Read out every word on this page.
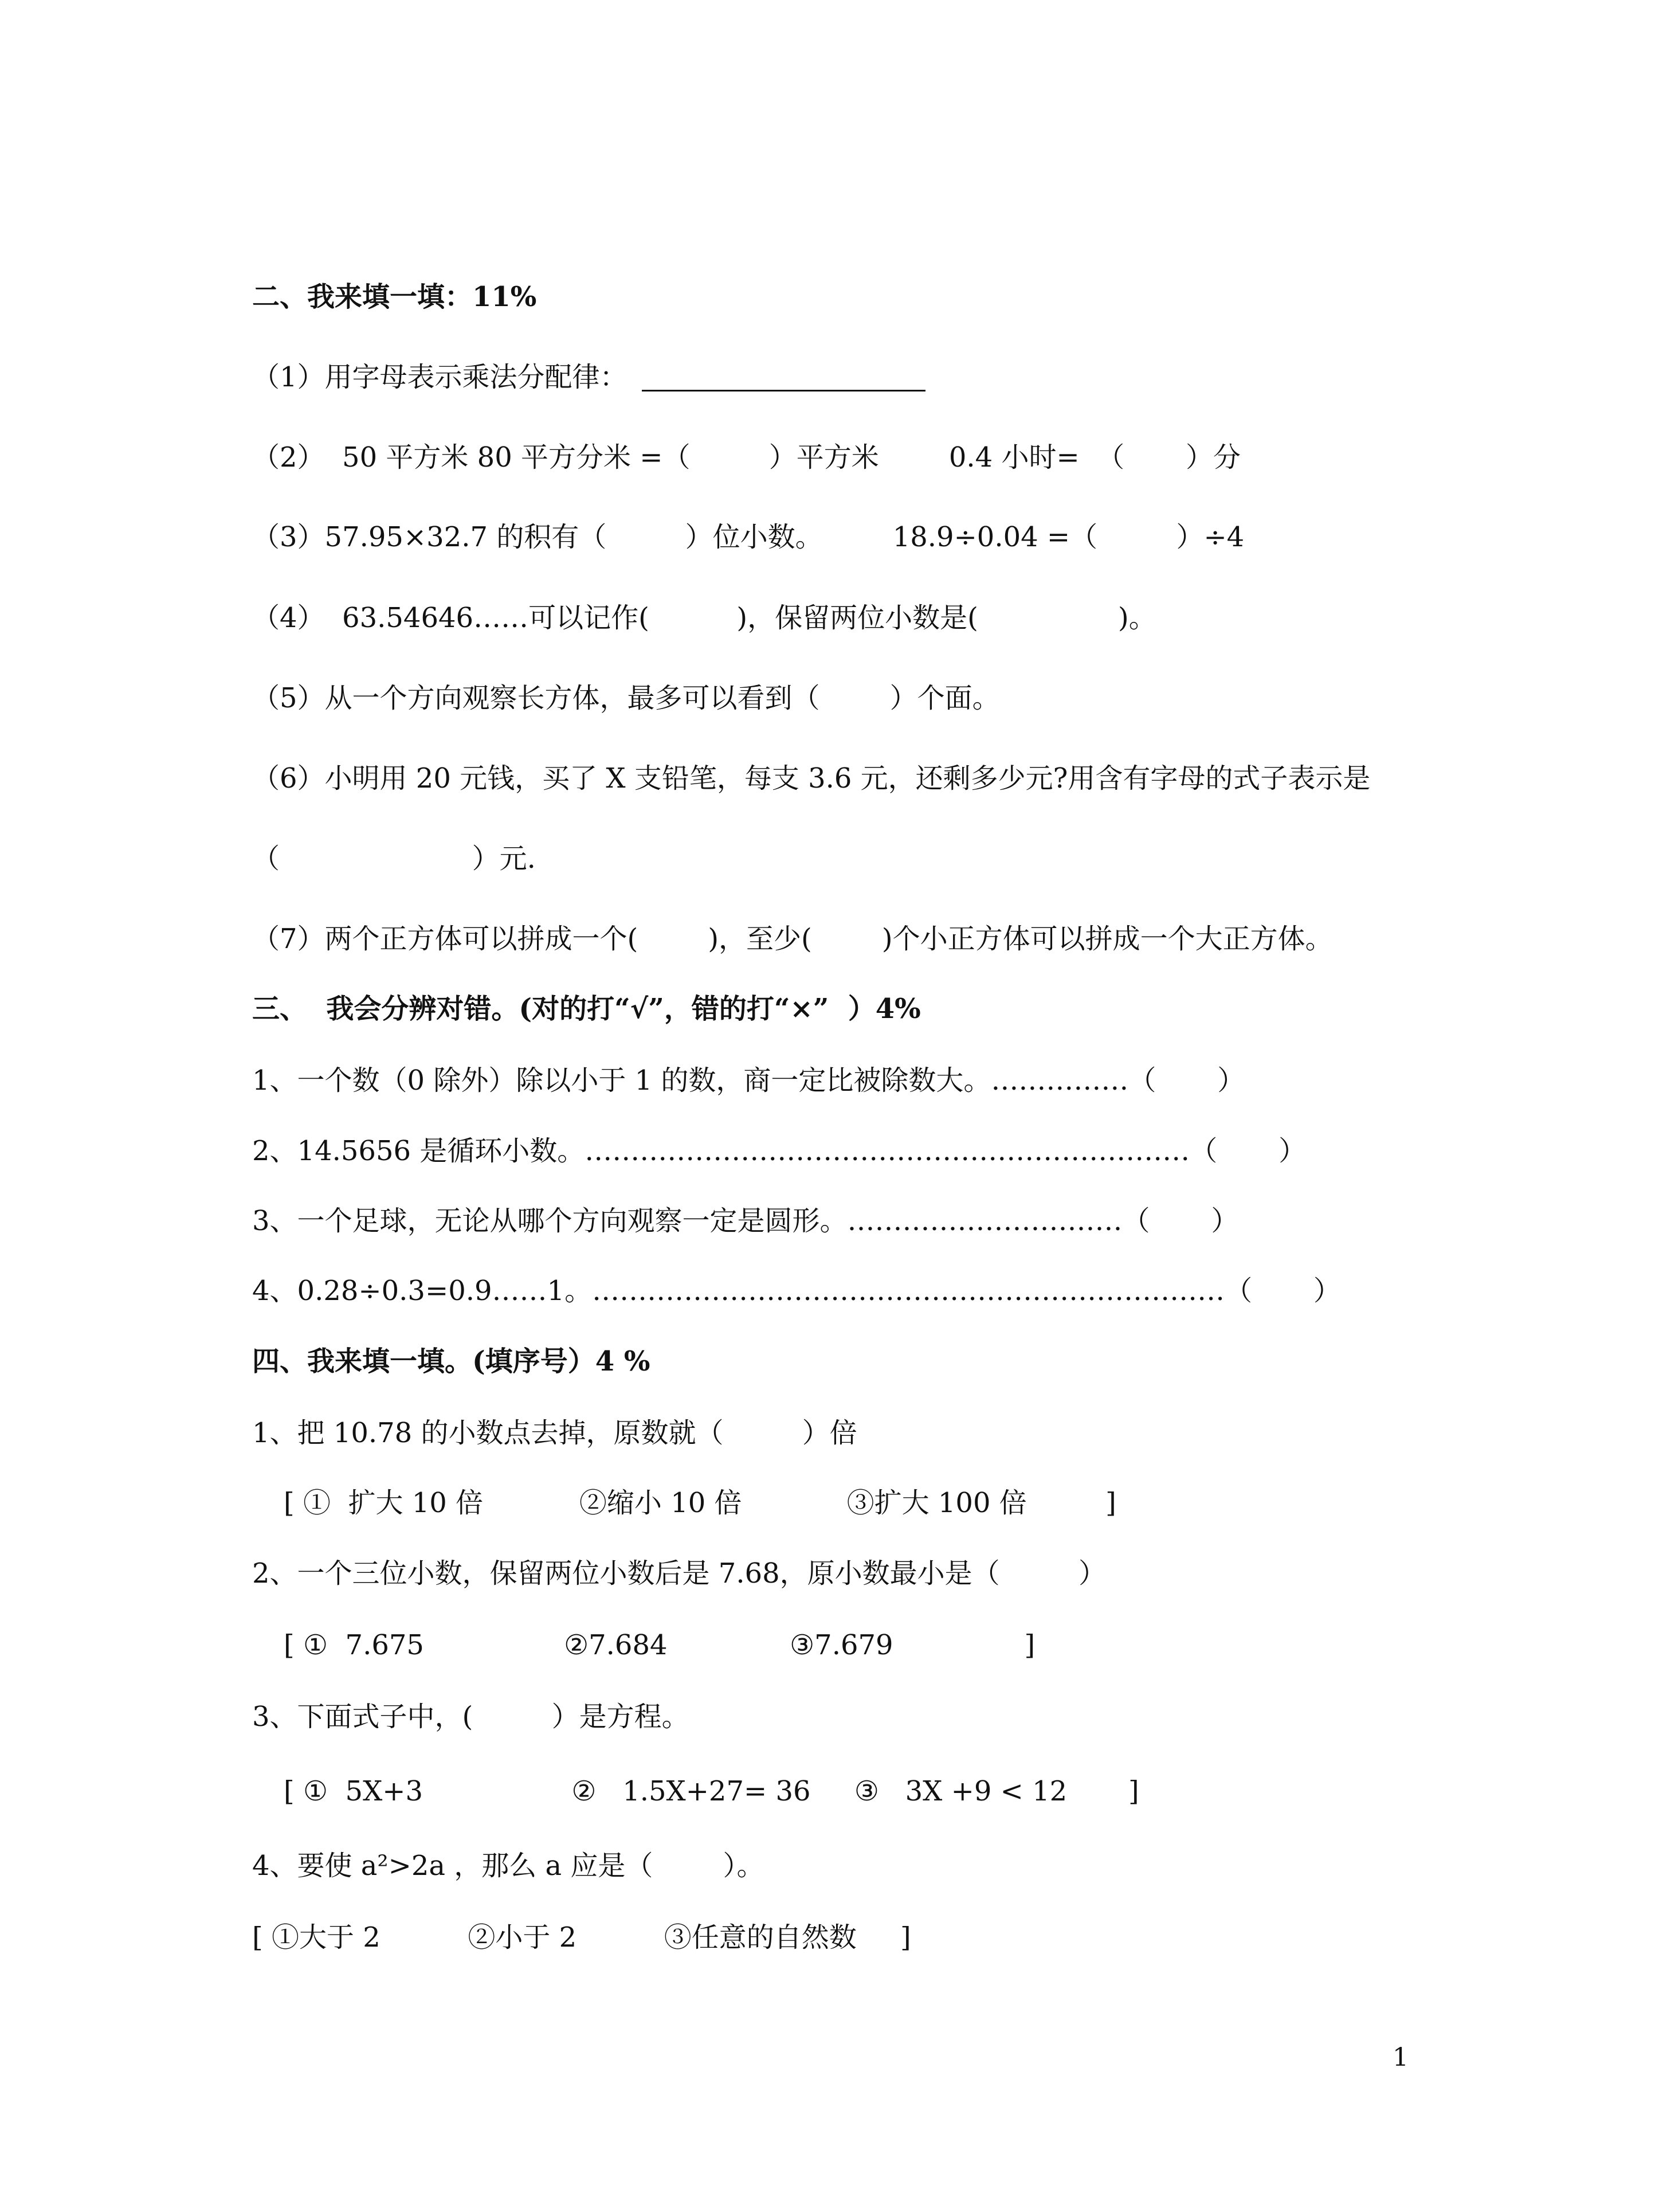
二、我来填一填：11%
（1）用字母表示乘法分配律：
（2）  50 平方米 80 平方分米 =（         ）平方米        0.4 小时=  （       ）分
（3）57.95×32.7 的积有（         ）位小数。        18.9÷0.04 =（         ）÷4
（4）  63.54646……可以记作(          )，保留两位小数是(                )。
（5）从一个方向观察长方体，最多可以看到（        ）个面。
（6）小明用 20 元钱，买了 X 支铅笔，每支 3.6 元，还剩多少元?用含有字母的式子表示是
（                      ）元.
（7）两个正方体可以拼成一个(        )，至少(        )个小正方体可以拼成一个大正方体。
三、  我会分辨对错。(对的打“√”，错的打“×”  ）4%
1、一个数（0 除外）除以小于 1 的数，商一定比被除数大。……………（       ）
2、14.5656 是循环小数。…………………………………………………………（       ）
3、一个足球，无论从哪个方向观察一定是圆形。…………………………（       ）
4、0.28÷0.3=0.9……1。……………………………………………………………（       ）
四、我来填一填。(填序号）4 %
1、把 10.78 的小数点去掉，原数就（         ）倍
[ ①  扩大 10 倍           ②缩小 10 倍            ③扩大 100 倍         ]
2、一个三位小数，保留两位小数后是 7.68，原小数最小是（         ）
[ ①  7.675                ②7.684              ③7.679               ]
3、下面式子中，(         ）是方程。
[ ①  5X+3                 ②   1.5X+27= 36     ③   3X +9 < 12       ]
4、要使 a²>2a ，那么 a 应是（        ）。
[ ①大于 2          ②小于 2          ③任意的自然数     ]
1
